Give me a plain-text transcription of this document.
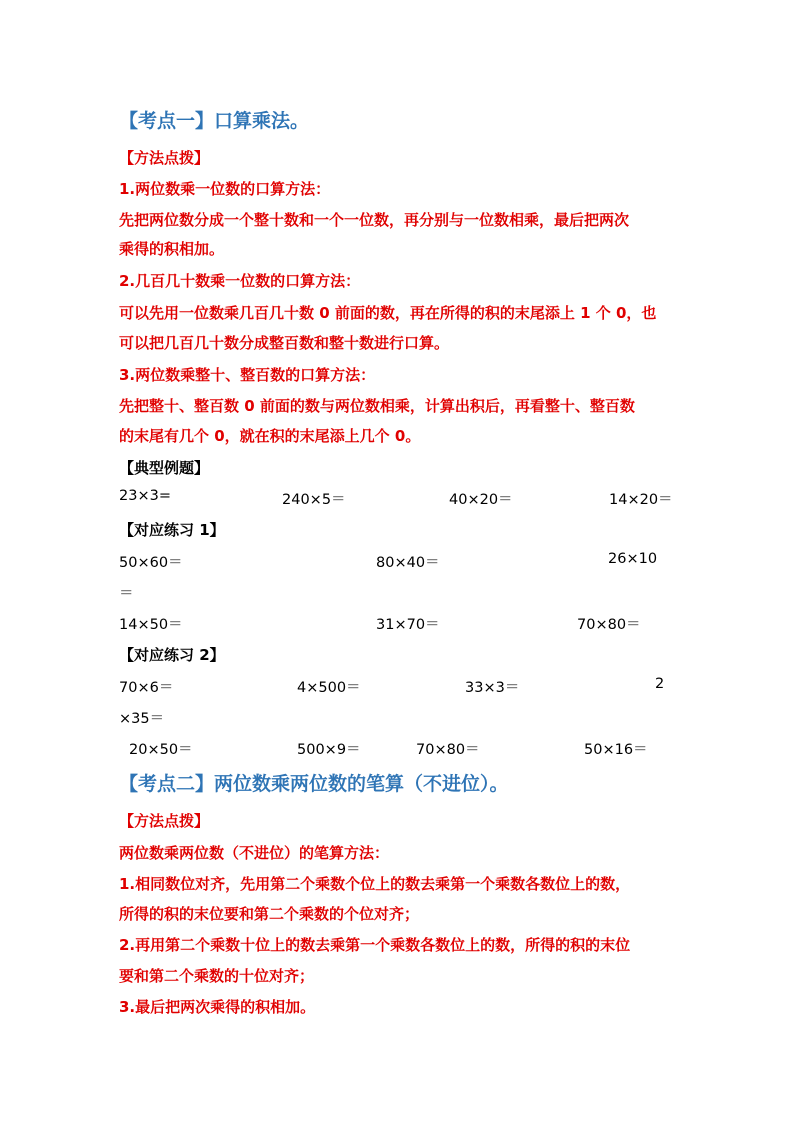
【考点一】口算乘法。
【方法点拨】
1.两位数乘一位数的口算方法：
先把两位数分成一个整十数和一个一位数，再分别与一位数相乘，最后把两次
乘得的积相加。
2.几百几十数乘一位数的口算方法：
可以先用一位数乘几百几十数 0 前面的数，再在所得的积的末尾添上 1 个 0，也
可以把几百几十数分成整百数和整十数进行口算。
3.两位数乘整十、整百数的口算方法：
先把整十、整百数 0 前面的数与两位数相乘，计算出积后，再看整十、整百数
的末尾有几个 0，就在积的末尾添上几个 0。
【典型例题】
23×3=	240×5＝	40×20＝	14×20＝
【对应练习 1】
50×60＝	80×40＝	26×10
＝
14×50＝	31×70＝	70×80＝
【对应练习 2】
70×6＝	4×500＝	33×3＝	2
×35＝
20×50＝	500×9＝	70×80＝	50×16＝
【考点二】两位数乘两位数的笔算（不进位）。
【方法点拨】
两位数乘两位数（不进位）的笔算方法：
1.相同数位对齐，先用第二个乘数个位上的数去乘第一个乘数各数位上的数，
所得的积的末位要和第二个乘数的个位对齐；
2.再用第二个乘数十位上的数去乘第一个乘数各数位上的数，所得的积的末位
要和第二个乘数的十位对齐；
3.最后把两次乘得的积相加。
